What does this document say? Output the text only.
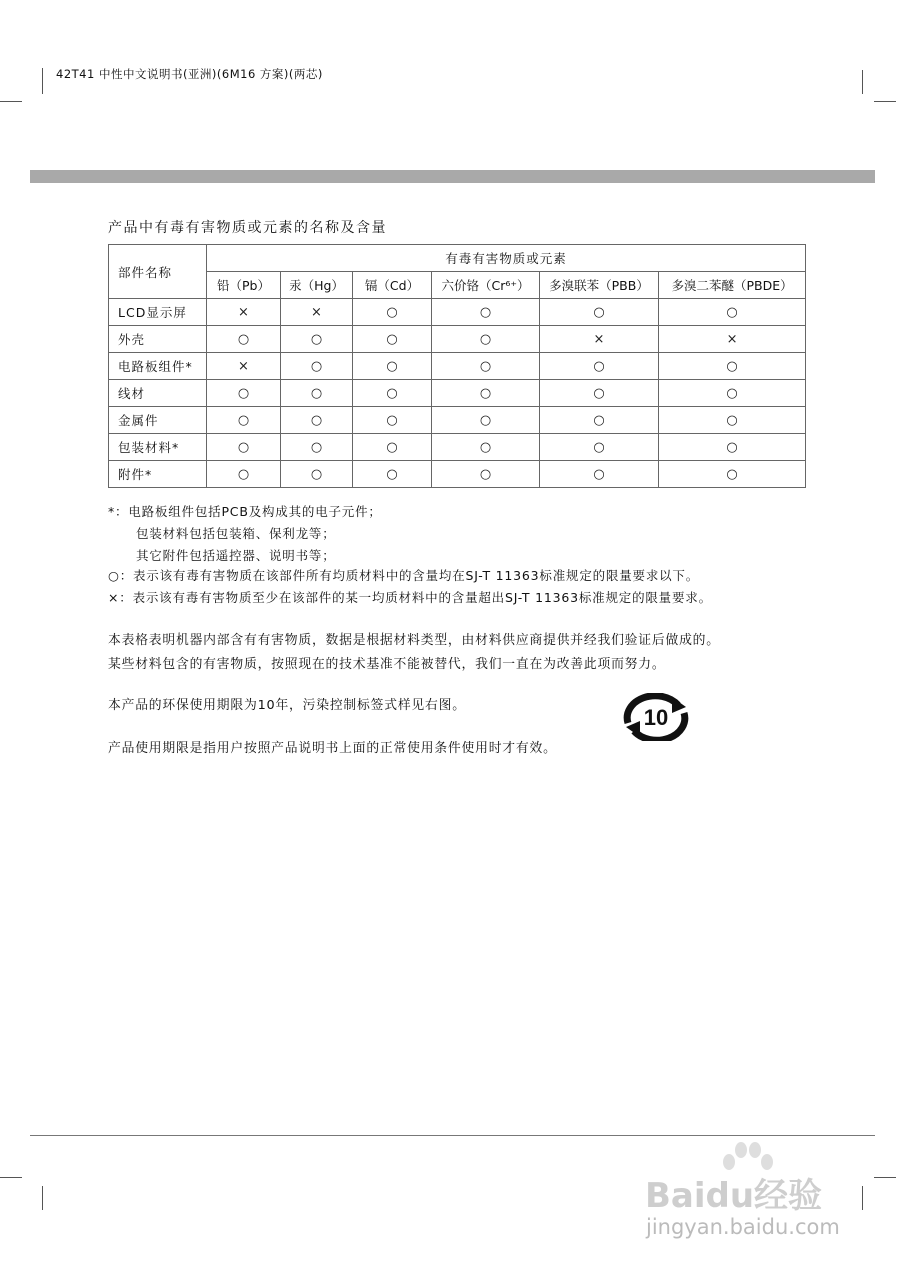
42T41 中性中文说明书(亚洲)(6M16 方案)(两芯)
产品中有毒有害物质或元素的名称及含量
部件名称	有毒有害物质或元素					
	铅（Pb）	汞（Hg）	镉（Cd）	六价铬（Cr⁶⁺）	多溴联苯（PBB）	多溴二苯醚（PBDE）
LCD显示屏	×	×	○	○	○	○
外壳	○	○	○	○	×	×
电路板组件*	×	○	○	○	○	○
线材	○	○	○	○	○	○
金属件	○	○	○	○	○	○
包装材料*	○	○	○	○	○	○
附件*	○	○	○	○	○	○
*：电路板组件包括PCB及构成其的电子元件；
包装材料包括包装箱、保利龙等；
其它附件包括遥控器、说明书等；
○：表示该有毒有害物质在该部件所有均质材料中的含量均在SJ-T 11363标准规定的限量要求以下。
×：表示该有毒有害物质至少在该部件的某一均质材料中的含量超出SJ-T 11363标准规定的限量要求。
本表格表明机器内部含有有害物质，数据是根据材料类型，由材料供应商提供并经我们验证后做成的。
某些材料包含的有害物质，按照现在的技术基准不能被替代，我们一直在为改善此项而努力。
本产品的环保使用期限为10年，污染控制标签式样见右图。
产品使用期限是指用户按照产品说明书上面的正常使用条件使用时才有效。
10
Baidu经验
jingyan.baidu.com
